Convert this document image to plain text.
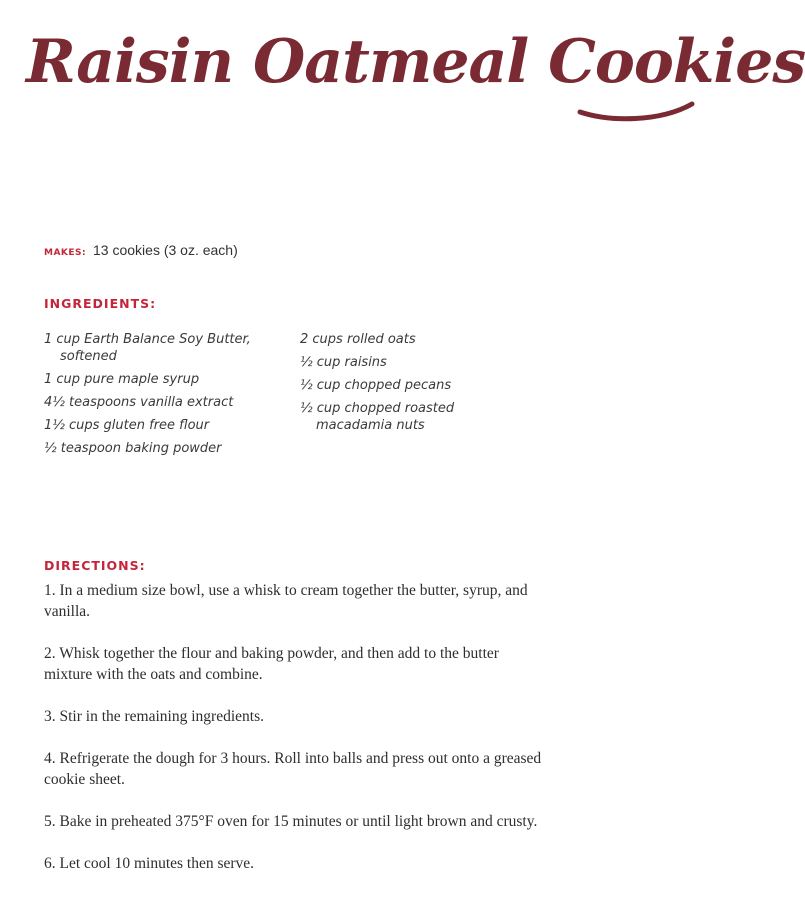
Raisin Oatmeal Cookies
MAKES: 13 cookies (3 oz. each)
INGREDIENTS:
1 cup Earth Balance Soy Butter, softened
1 cup pure maple syrup
4½ teaspoons vanilla extract
1½ cups gluten free flour
½ teaspoon baking powder
2 cups rolled oats
½ cup raisins
½ cup chopped pecans
½ cup chopped roasted macadamia nuts
DIRECTIONS:
1. In a medium size bowl, use a whisk to cream together the butter, syrup, and vanilla.
2. Whisk together the flour and baking powder, and then add to the butter mixture with the oats and combine.
3. Stir in the remaining ingredients.
4. Refrigerate the dough for 3 hours. Roll into balls and press out onto a greased cookie sheet.
5. Bake in preheated 375°F oven for 15 minutes or until light brown and crusty.
6. Let cool 10 minutes then serve.
